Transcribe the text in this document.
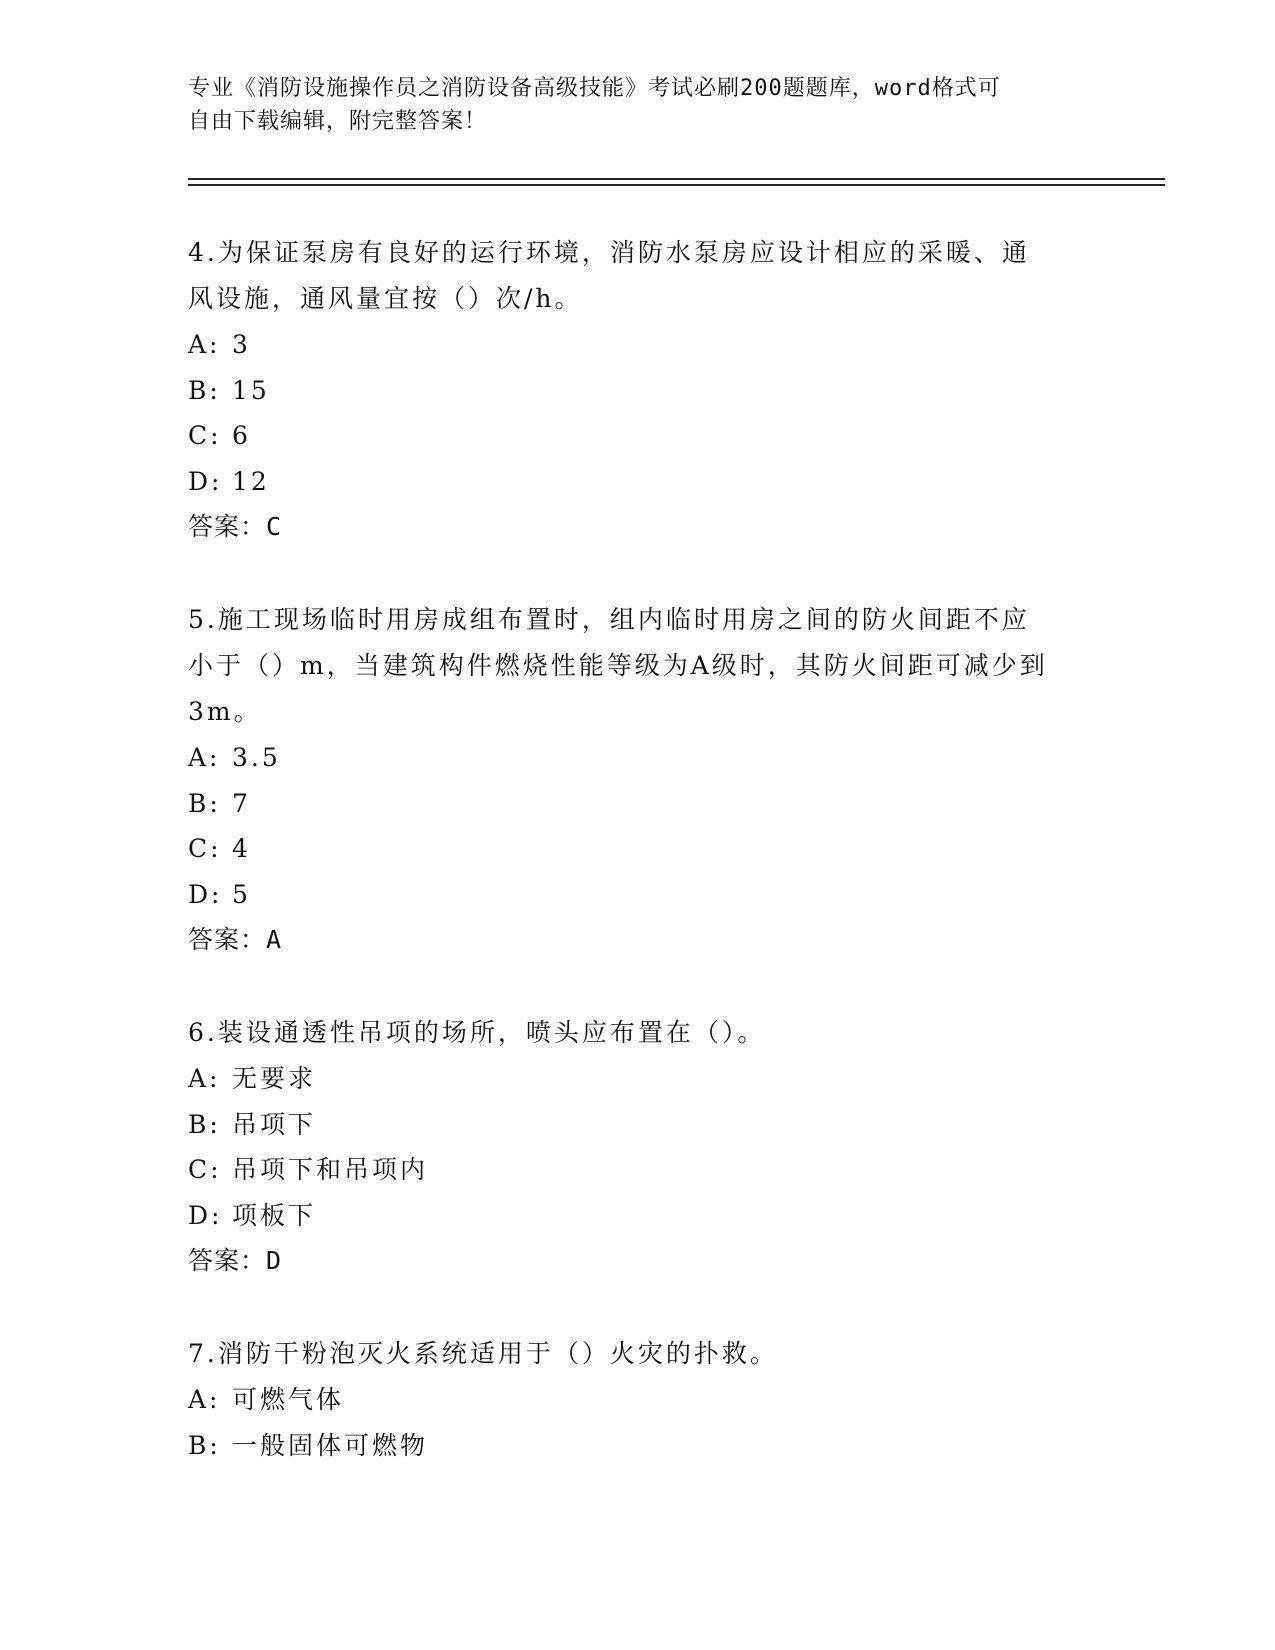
专业《消防设施操作员之消防设备高级技能》考试必刷200题题库，word格式可
自由下载编辑，附完整答案！
4.为保证泵房有良好的运行环境，消防水泵房应设计相应的采暖、通
风设施，通风量宜按（）次/h。
A: 3
B: 15
C: 6
D: 12
答案：C
5.施工现场临时用房成组布置时，组内临时用房之间的防火间距不应
小于（）m，当建筑构件燃烧性能等级为A级时，其防火间距可减少到
3m。
A: 3.5
B: 7
C: 4
D: 5
答案：A
6.装设通透性吊项的场所，喷头应布置在（）。
A: 无要求
B: 吊项下
C: 吊项下和吊项内
D: 项板下
答案：D
7.消防干粉泡灭火系统适用于（）火灾的扑救。
A: 可燃气体
B: 一般固体可燃物
